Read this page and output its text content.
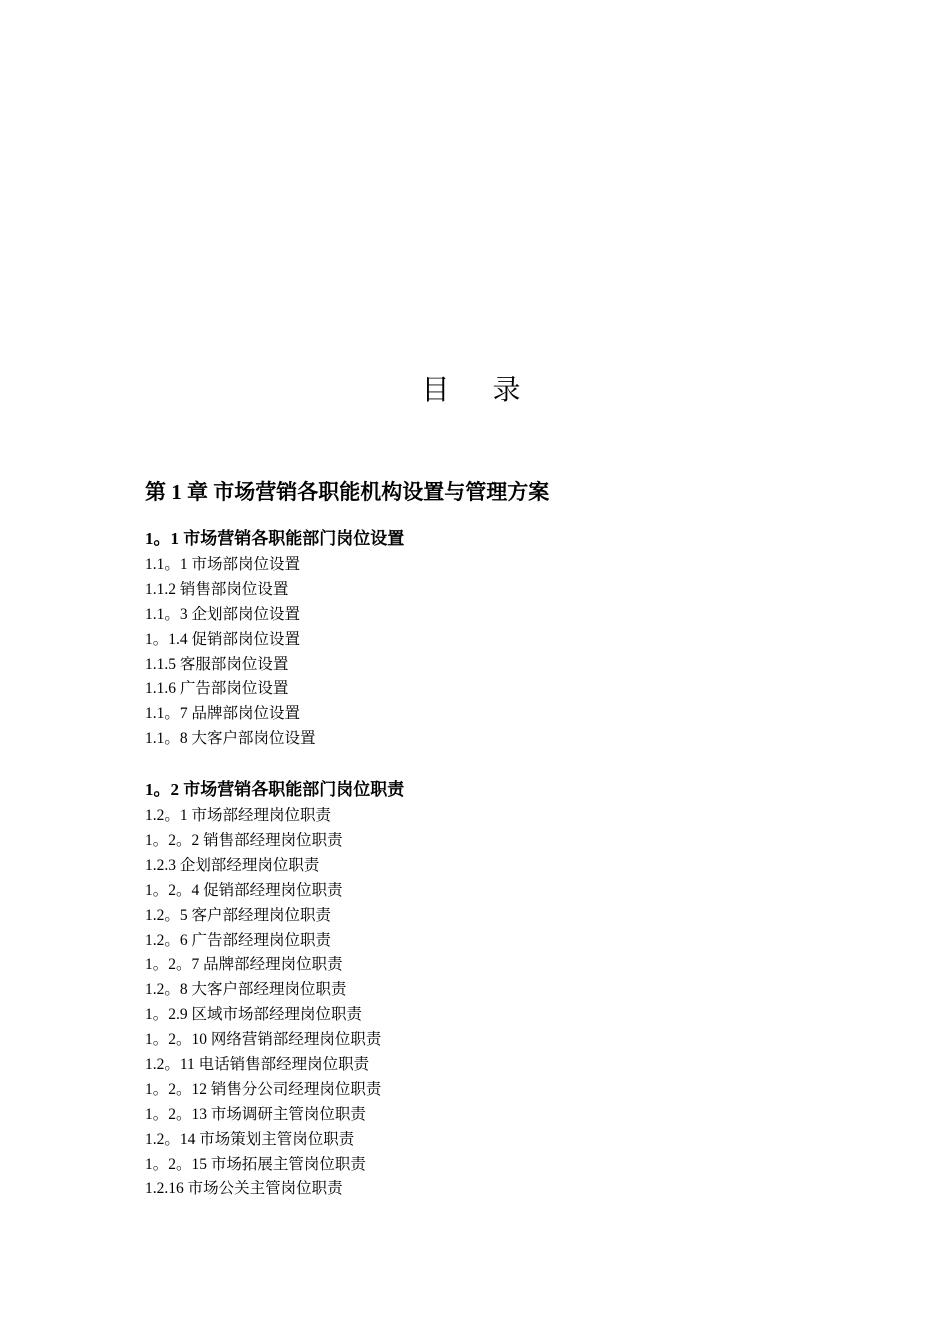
目 录
第 1 章 市场营销各职能机构设置与管理方案
1。1 市场营销各职能部门岗位设置
1.1。1 市场部岗位设置
1.1.2 销售部岗位设置
1.1。3 企划部岗位设置
1。1.4 促销部岗位设置
1.1.5 客服部岗位设置
1.1.6 广告部岗位设置
1.1。7 品牌部岗位设置
1.1。8 大客户部岗位设置
1。2 市场营销各职能部门岗位职责
1.2。1 市场部经理岗位职责
1。2。2 销售部经理岗位职责
1.2.3 企划部经理岗位职责
1。2。4 促销部经理岗位职责
1.2。5 客户部经理岗位职责
1.2。6 广告部经理岗位职责
1。2。7 品牌部经理岗位职责
1.2。8 大客户部经理岗位职责
1。2.9 区域市场部经理岗位职责
1。2。10 网络营销部经理岗位职责
1.2。11 电话销售部经理岗位职责
1。2。12 销售分公司经理岗位职责
1。2。13 市场调研主管岗位职责
1.2。14 市场策划主管岗位职责
1。2。15 市场拓展主管岗位职责
1.2.16 市场公关主管岗位职责
